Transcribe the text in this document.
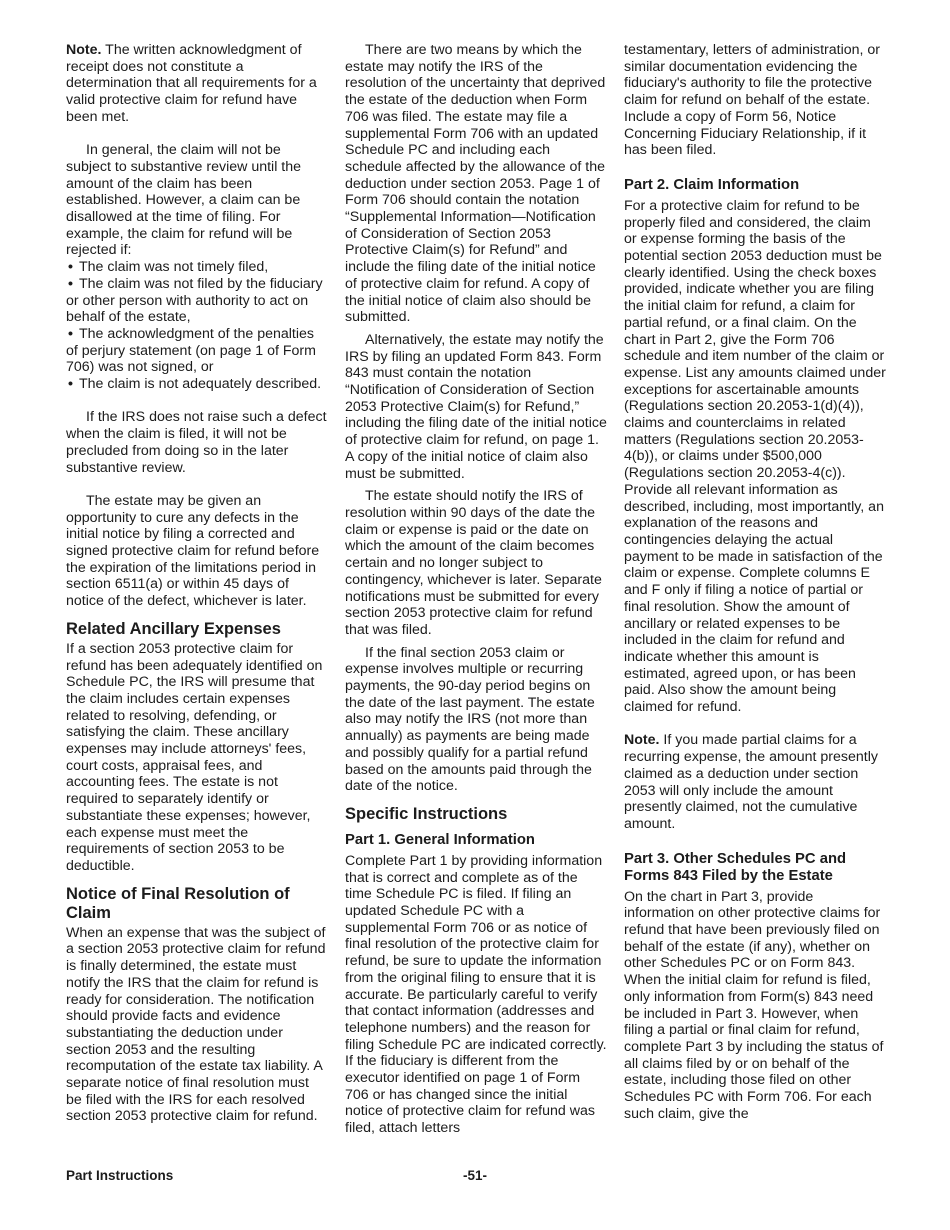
Note. The written acknowledgment of receipt does not constitute a determination that all requirements for a valid protective claim for refund have been met.

In general, the claim will not be subject to substantive review until the amount of the claim has been established. However, a claim can be disallowed at the time of filing. For example, the claim for refund will be rejected if:

• The claim was not timely filed,

• The claim was not filed by the fiduciary or other person with authority to act on behalf of the estate,

• The acknowledgment of the penalties of perjury statement (on page 1 of Form 706) was not signed, or

• The claim is not adequately described.

If the IRS does not raise such a defect when the claim is filed, it will not be precluded from doing so in the later substantive review.

The estate may be given an opportunity to cure any defects in the initial notice by filing a corrected and signed protective claim for refund before the expiration of the limitations period in section 6511(a) or within 45 days of notice of the defect, whichever is later.

Related Ancillary Expenses

If a section 2053 protective claim for refund has been adequately identified on Schedule PC, the IRS will presume that the claim includes certain expenses related to resolving, defending, or satisfying the claim. These ancillary expenses may include attorneys' fees, court costs, appraisal fees, and accounting fees. The estate is not required to separately identify or substantiate these expenses; however, each expense must meet the requirements of section 2053 to be deductible.

Notice of Final Resolution of Claim

When an expense that was the subject of a section 2053 protective claim for refund is finally determined, the estate must notify the IRS that the claim for refund is ready for consideration. The notification should provide facts and evidence substantiating the deduction under section 2053 and the resulting recomputation of the estate tax liability. A separate notice of final resolution must be filed with the IRS for each resolved section 2053 protective claim for refund.

There are two means by which the estate may notify the IRS of the resolution of the uncertainty that deprived the estate of the deduction when Form 706 was filed. The estate may file a supplemental Form 706 with an updated Schedule PC and including each schedule affected by the allowance of the deduction under section 2053. Page 1 of Form 706 should contain the notation “Supplemental Information—Notification of Consideration of Section 2053 Protective Claim(s) for Refund” and include the filing date of the initial notice of protective claim for refund. A copy of the initial notice of claim also should be submitted.

Alternatively, the estate may notify the IRS by filing an updated Form 843. Form 843 must contain the notation “Notification of Consideration of Section 2053 Protective Claim(s) for Refund,” including the filing date of the initial notice of protective claim for refund, on page 1. A copy of the initial notice of claim also must be submitted.

The estate should notify the IRS of resolution within 90 days of the date the claim or expense is paid or the date on which the amount of the claim becomes certain and no longer subject to contingency, whichever is later. Separate notifications must be submitted for every section 2053 protective claim for refund that was filed.

If the final section 2053 claim or expense involves multiple or recurring payments, the 90-day period begins on the date of the last payment. The estate also may notify the IRS (not more than annually) as payments are being made and possibly qualify for a partial refund based on the amounts paid through the date of the notice.

Specific Instructions
Part 1. General Information

Complete Part 1 by providing information that is correct and complete as of the time Schedule PC is filed. If filing an updated Schedule PC with a supplemental Form 706 or as notice of final resolution of the protective claim for refund, be sure to update the information from the original filing to ensure that it is accurate. Be particularly careful to verify that contact information (addresses and telephone numbers) and the reason for filing Schedule PC are indicated correctly. If the fiduciary is different from the executor identified on page 1 of Form 706 or has changed since the initial notice of protective claim for refund was filed, attach letters

testamentary, letters of administration, or similar documentation evidencing the fiduciary's authority to file the protective claim for refund on behalf of the estate. Include a copy of Form 56, Notice Concerning Fiduciary Relationship, if it has been filed.

Part 2. Claim Information

For a protective claim for refund to be properly filed and considered, the claim or expense forming the basis of the potential section 2053 deduction must be clearly identified. Using the check boxes provided, indicate whether you are filing the initial claim for refund, a claim for partial refund, or a final claim. On the chart in Part 2, give the Form 706 schedule and item number of the claim or expense. List any amounts claimed under exceptions for ascertainable amounts (Regulations section 20.2053-1(d)(4)), claims and counterclaims in related matters (Regulations section 20.2053-4(b)), or claims under $500,000 (Regulations section 20.2053-4(c)). Provide all relevant information as described, including, most importantly, an explanation of the reasons and contingencies delaying the actual payment to be made in satisfaction of the claim or expense. Complete columns E and F only if filing a notice of partial or final resolution. Show the amount of ancillary or related expenses to be included in the claim for refund and indicate whether this amount is estimated, agreed upon, or has been paid. Also show the amount being claimed for refund.

Note. If you made partial claims for a recurring expense, the amount presently claimed as a deduction under section 2053 will only include the amount presently claimed, not the cumulative amount.

Part 3. Other Schedules PC and Forms 843 Filed by the Estate

On the chart in Part 3, provide information on other protective claims for refund that have been previously filed on behalf of the estate (if any), whether on other Schedules PC or on Form 843. When the initial claim for refund is filed, only information from Form(s) 843 need be included in Part 3. However, when filing a partial or final claim for refund, complete Part 3 by including the status of all claims filed by or on behalf of the estate, including those filed on other Schedules PC with Form 706. For each such claim, give the

Part Instructions	-51-
